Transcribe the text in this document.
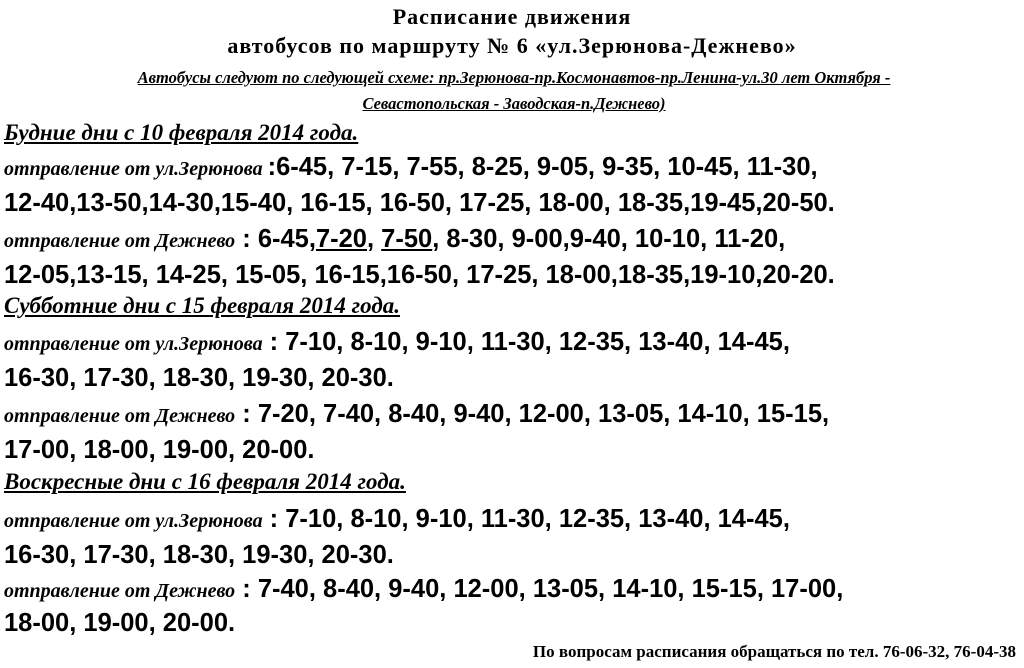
Расписание движения
автобусов по маршруту № 6 «ул.Зерюнова-Дежнево»
Автобусы следуют по следующей схеме: пр.Зерюнова-пр.Космонавтов-пр.Ленина-ул.30 лет Октября -
Севастопольская - Заводская-п.Дежнево)
Будние дни с 10 февраля 2014 года.
отправление от ул.Зерюнова :6-45, 7-15, 7-55, 8-25, 9-05, 9-35, 10-45, 11-30,
12-40,13-50,14-30,15-40, 16-15, 16-50, 17-25, 18-00, 18-35,19-45,20-50.
отправление от Дежнево : 6-45,7-20, 7-50, 8-30, 9-00,9-40, 10-10, 11-20,
12-05,13-15, 14-25, 15-05, 16-15,16-50, 17-25, 18-00,18-35,19-10,20-20.
Субботние дни с 15 февраля 2014 года.
отправление от ул.Зерюнова : 7-10, 8-10, 9-10, 11-30, 12-35, 13-40, 14-45,
16-30, 17-30, 18-30, 19-30, 20-30.
отправление от Дежнево : 7-20, 7-40, 8-40, 9-40, 12-00, 13-05, 14-10, 15-15,
17-00, 18-00, 19-00, 20-00.
Воскресные дни с 16 февраля 2014 года.
отправление от ул.Зерюнова : 7-10, 8-10, 9-10, 11-30, 12-35, 13-40, 14-45,
16-30, 17-30, 18-30, 19-30, 20-30.
отправление от Дежнево : 7-40, 8-40, 9-40, 12-00, 13-05, 14-10, 15-15, 17-00,
18-00, 19-00, 20-00.
По вопросам расписания обращаться по тел. 76-06-32, 76-04-38
